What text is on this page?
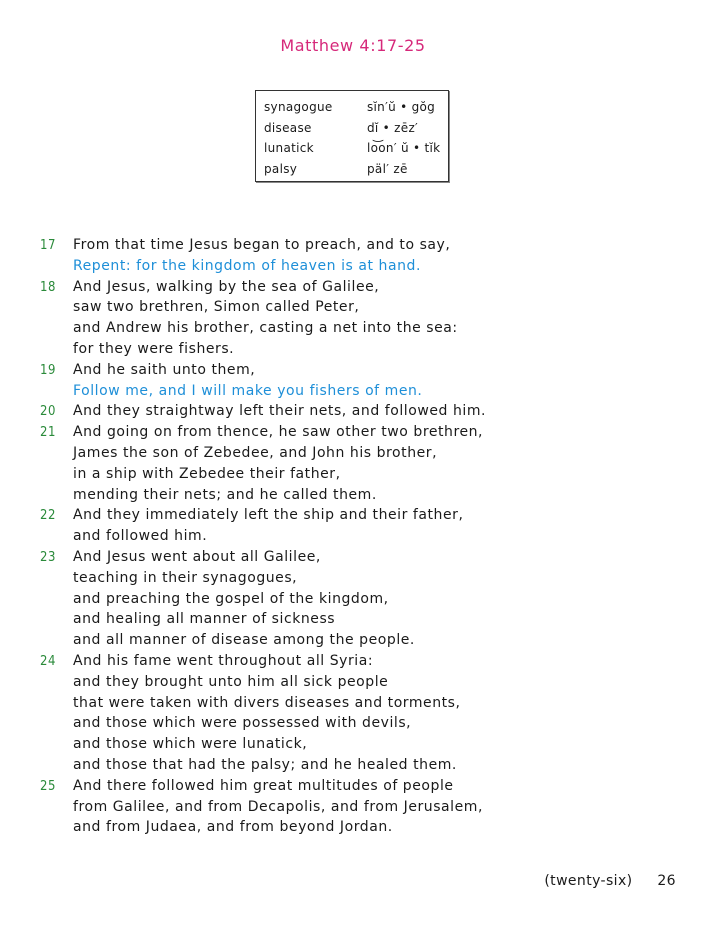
Matthew 4:17-25
synagogue	sĭn′ŭ • gŏg
disease	dĭ • zēz′
lunatick	lo͝on′ ŭ • tĭk
palsy	päl′ zē
17 From that time Jesus began to preach, and to say,
Repent: for the kingdom of heaven is at hand.
18 And Jesus, walking by the sea of Galilee,
saw two brethren, Simon called Peter,
and Andrew his brother, casting a net into the sea:
for they were fishers.
19 And he saith unto them,
Follow me, and I will make you fishers of men.
20 And they straightway left their nets, and followed him.
21 And going on from thence, he saw other two brethren,
James the son of Zebedee, and John his brother,
in a ship with Zebedee their father,
mending their nets; and he called them.
22 And they immediately left the ship and their father,
and followed him.
23 And Jesus went about all Galilee,
teaching in their synagogues,
and preaching the gospel of the kingdom,
and healing all manner of sickness
and all manner of disease among the people.
24 And his fame went throughout all Syria:
and they brought unto him all sick people
that were taken with divers diseases and torments,
and those which were possessed with devils,
and those which were lunatick,
and those that had the palsy; and he healed them.
25 And there followed him great multitudes of people
from Galilee, and from Decapolis, and from Jerusalem,
and from Judaea, and from beyond Jordan.
(twenty-six) 26
